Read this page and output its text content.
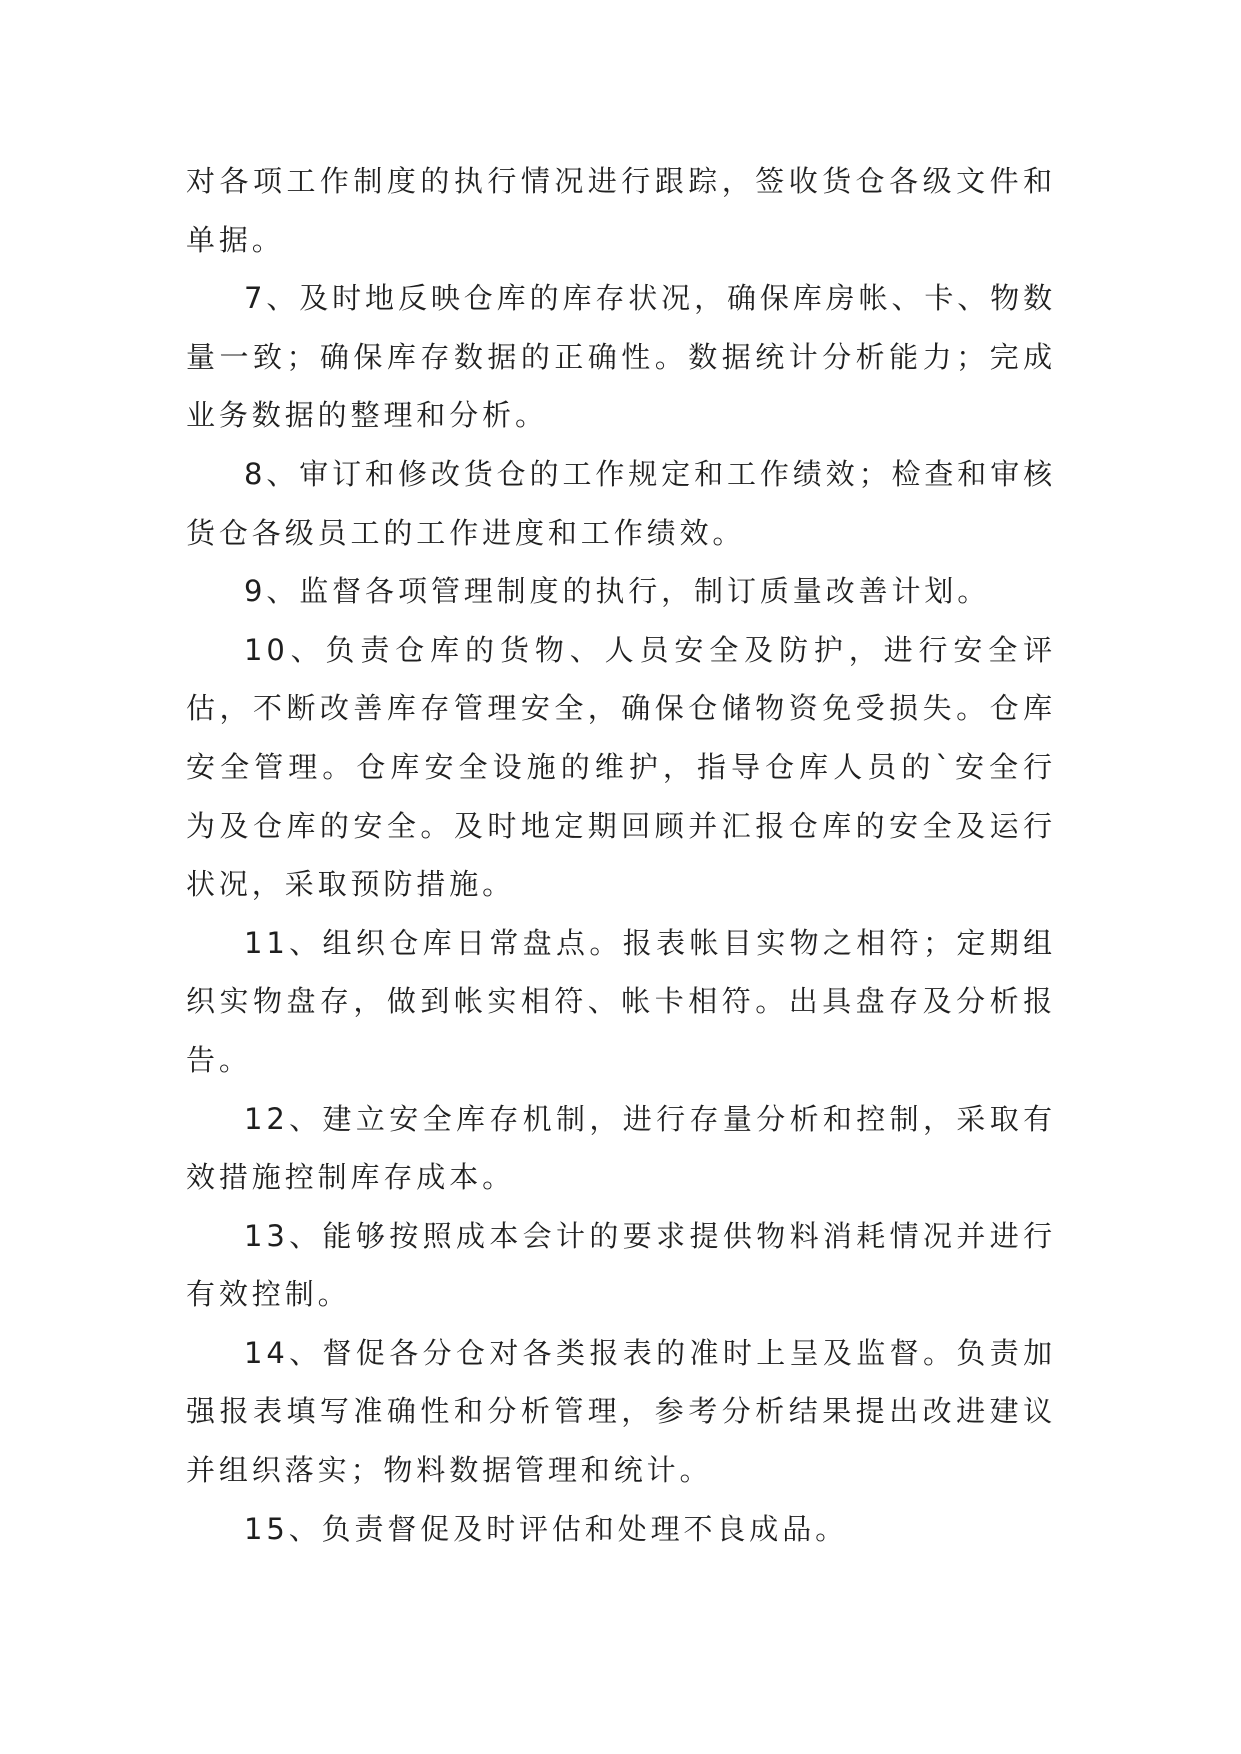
对各项工作制度的执行情况进行跟踪，签收货仓各级文件和单据。

7、及时地反映仓库的库存状况，确保库房帐、卡、物数量一致；确保库存数据的正确性。数据统计分析能力；完成业务数据的整理和分析。

8、审订和修改货仓的工作规定和工作绩效；检查和审核货仓各级员工的工作进度和工作绩效。

9、监督各项管理制度的执行，制订质量改善计划。

10、负责仓库的货物、人员安全及防护，进行安全评估，不断改善库存管理安全，确保仓储物资免受损失。仓库安全管理。仓库安全设施的维护，指导仓库人员的`安全行为及仓库的安全。及时地定期回顾并汇报仓库的安全及运行状况，采取预防措施。

11、组织仓库日常盘点。报表帐目实物之相符；定期组织实物盘存，做到帐实相符、帐卡相符。出具盘存及分析报告。

12、建立安全库存机制，进行存量分析和控制，采取有效措施控制库存成本。

13、能够按照成本会计的要求提供物料消耗情况并进行有效控制。

14、督促各分仓对各类报表的准时上呈及监督。负责加强报表填写准确性和分析管理，参考分析结果提出改进建议并组织落实；物料数据管理和统计。

15、负责督促及时评估和处理不良成品。
